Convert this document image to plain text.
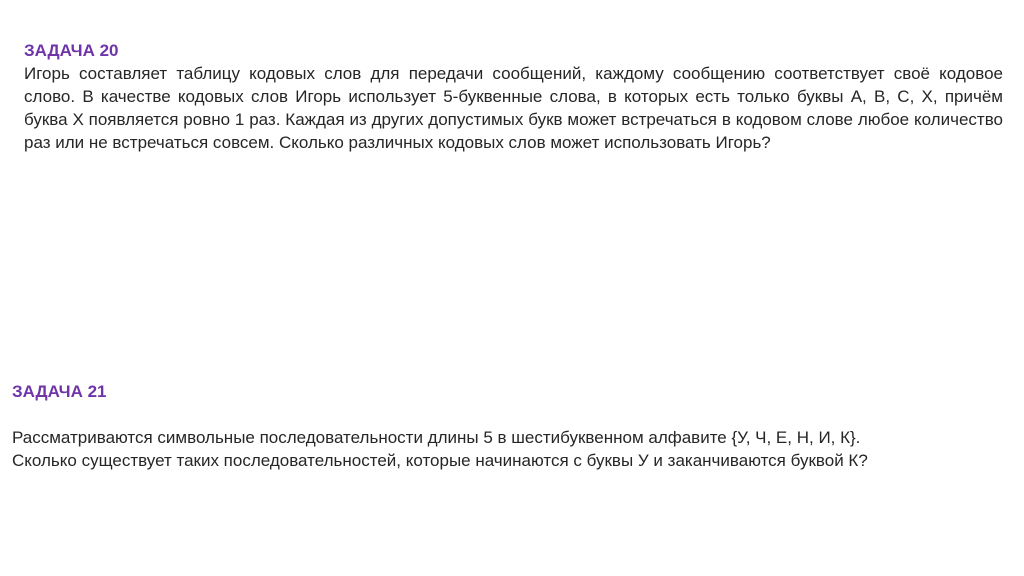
ЗАДАЧА 20
Игорь составляет таблицу кодовых слов для передачи сообщений, каждому сообщению соответствует своё кодовое слово. В качестве кодовых слов Игорь использует 5-буквенные слова, в которых есть только буквы A, B, C, X, причём буква X появляется ровно 1 раз. Каждая из других допустимых букв может встречаться в кодовом слове любое количество раз или не встречаться совсем. Сколько различных кодовых слов может использовать Игорь?
ЗАДАЧА 21
Рассматриваются символьные последовательности длины 5 в шестибуквенном алфавите {У, Ч, Е, Н, И, К}.
Сколько существует таких последовательностей, которые начинаются с буквы У и заканчиваются буквой К?
